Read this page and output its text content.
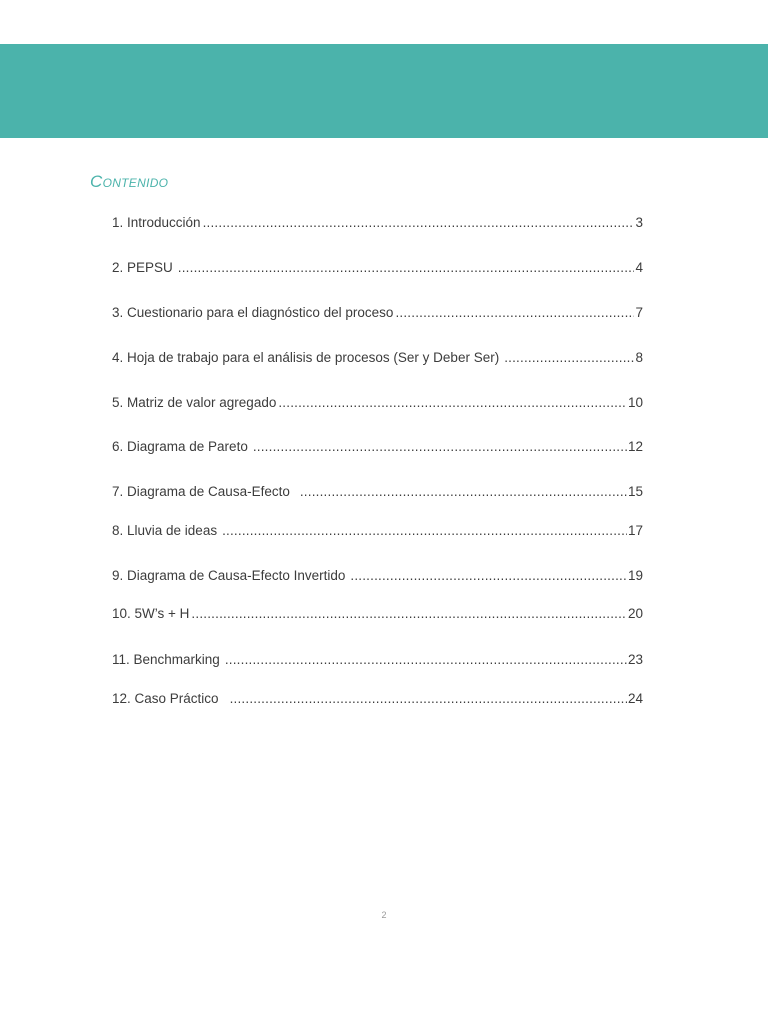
Contenido
1. Introducción .....	3
2. PEPSU .....	4
3. Cuestionario para el diagnóstico del proceso .....	7
4. Hoja de trabajo para el análisis de procesos (Ser y Deber Ser) .....	8
5. Matriz de valor agregado .....	10
6. Diagrama de Pareto .....	12
7. Diagrama de Causa-Efecto .....	15
8. Lluvia de ideas .....	17
9. Diagrama de Causa-Efecto Invertido .....	19
10. 5W’s + H .....	20
11. Benchmarking .....	23
12. Caso Práctico .....	24
2
